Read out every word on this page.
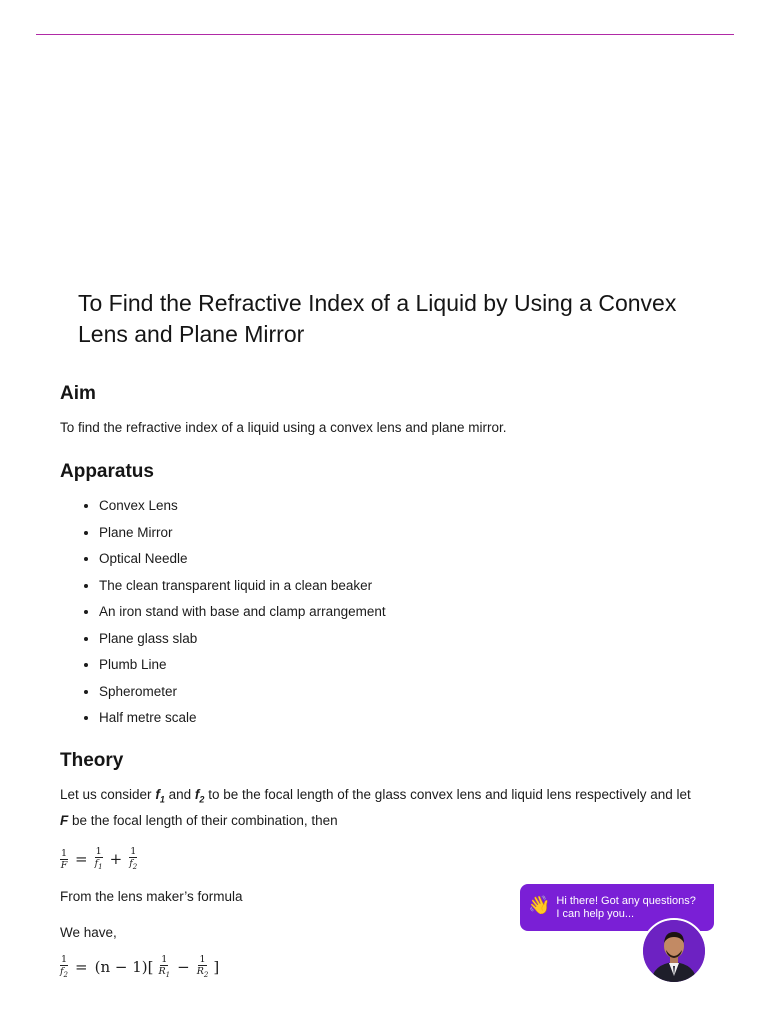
To Find the Refractive Index of a Liquid by Using a Convex Lens and Plane Mirror
Aim

To find the refractive index of a liquid using a convex lens and plane mirror.

Apparatus
• Convex Lens
• Plane Mirror
• Optical Needle
• The clean transparent liquid in a clean beaker
• An iron stand with base and clamp arrangement
• Plane glass slab
• Plumb Line
• Spherometer
• Half metre scale
Theory

Let us consider $f_1$ and $f_2$ to be the focal length of the glass convex lens and liquid lens respectively and let F be the focal length of their combination, then

$\frac{1}{F} = \frac{1}{f_1} + \frac{1}{f_2}$

From the lens maker’s formula

We have,

$\frac{1}{f_2} = (n - 1)[ \frac{1}{R_1} - \frac{1}{R_2}$ ]
👋 Hi there! Got any questions?
I can help you...
